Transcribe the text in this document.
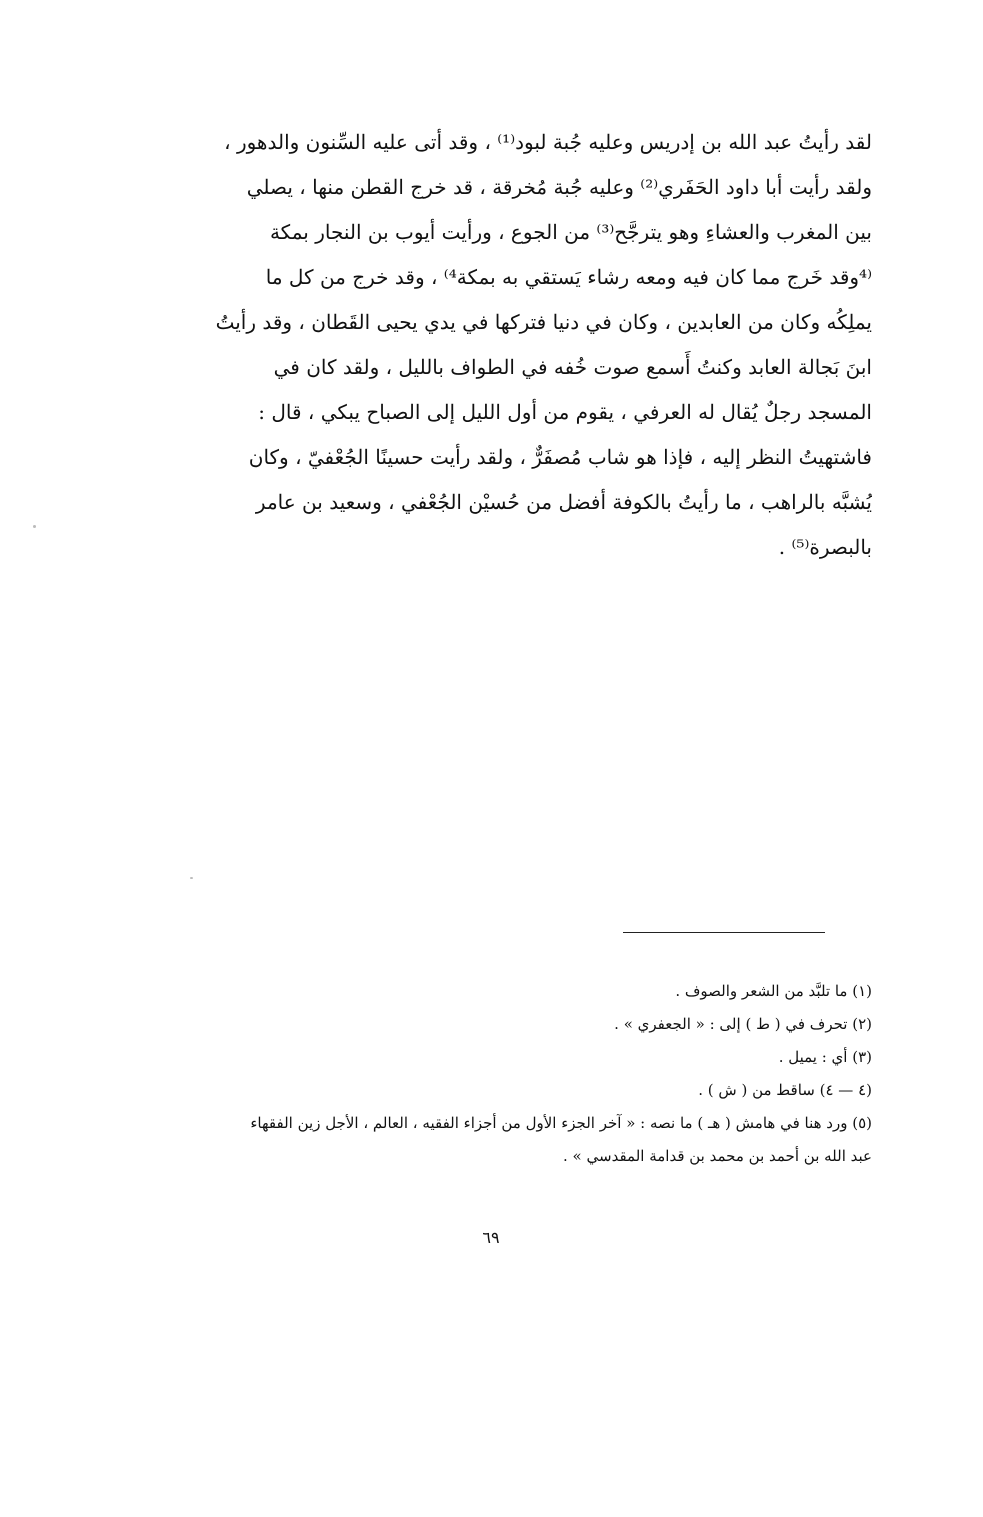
لقد رأيتُ عبد الله بن إدريس وعليه جُبة لبود⁽¹⁾ ، وقد أتى عليه السِّنون والدهور ،
ولقد رأيت أبا داود الحَفَري⁽²⁾ وعليه جُبة مُخرقة ، قد خرج القطن منها ، يصلي
بين المغرب والعشاءِ وهو يترجَّح⁽³⁾ من الجوع ، ورأيت أيوب بن النجار بمكة
⁽⁴وقد خَرج مما كان فيه ومعه رشاء يَستقي به بمكة⁴⁾ ، وقد خرج من كل ما
يملِكُه وكان من العابدين ، وكان في دنيا فتركها في يدي يحيى القَطان ، وقد رأيتُ
ابنَ بَجالة العابد وكنتُ أَسمع صوت خُفه في الطواف بالليل ، ولقد كان في
المسجد رجلٌ يُقال له العرفي ، يقوم من أول الليل إلى الصباح يبكي ، قال :
فاشتهيتُ النظر إليه ، فإذا هو شاب مُصفَرٌّ ، ولقد رأيت حسينًا الجُعْفيّ ، وكان
يُشبَّه بالراهب ، ما رأيتُ بالكوفة أفضل من حُسيْن الجُعْفي ، وسعيد بن عامر
بالبصرة⁽⁵⁾ .
(١) ما تلبَّد من الشعر والصوف .
(٢) تحرف في ( ط ) إلى : « الجعفري » .
(٣) أي : يميل .
(٤ — ٤) ساقط من ( ش ) .
(٥) ورد هنا في هامش ( هـ ) ما نصه : « آخر الجزء الأول من أجزاء الفقيه ، العالم ، الأجل زين الفقهاء
عبد الله بن أحمد بن محمد بن قدامة المقدسي » .
٦٩
